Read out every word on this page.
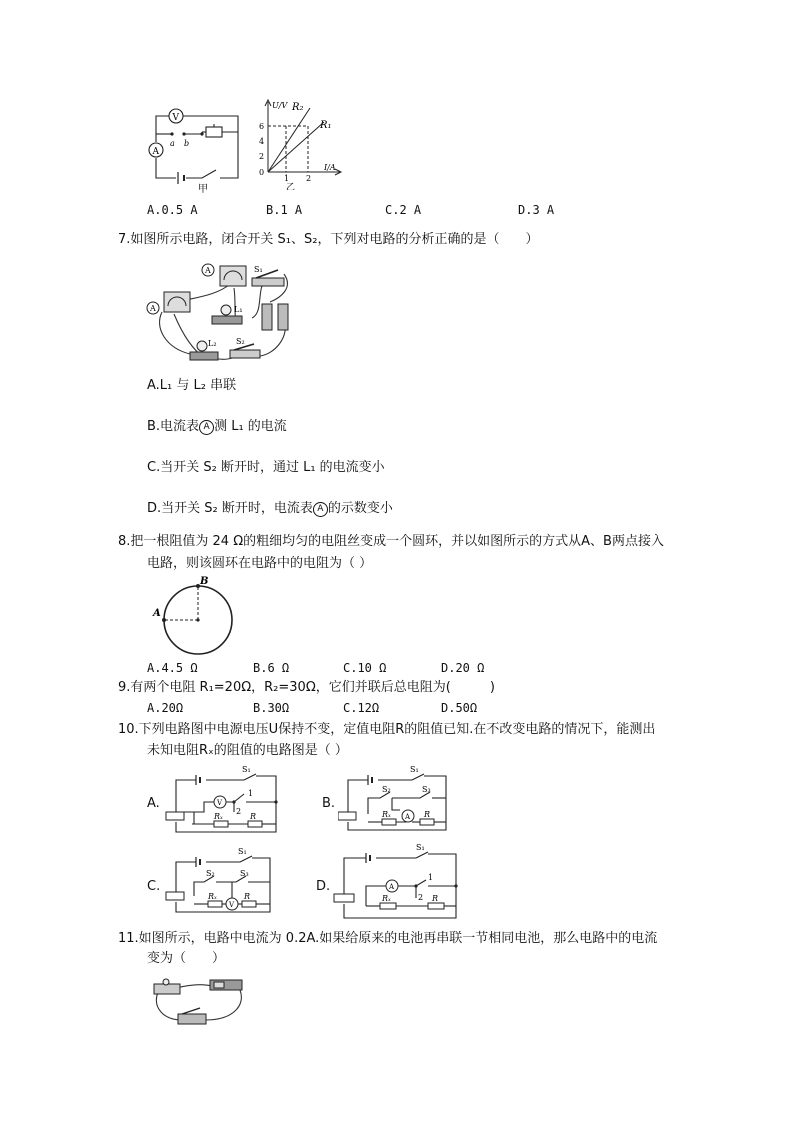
V
A
a b
甲
U/V
I/A
R₂
R₁
6
4
2
0
1 2
乙
A.0.5 A	B.1 A	C.2 A	D.3 A
7.如图所示电路，闭合开关 S₁、S₂，下列对电路的分析正确的是（　　）
A
A
S₁
L₁
L₂ S₂
A.L₁ 与 L₂ 串联
B.电流表 A 测 L₁ 的电流
C.当开关 S₂ 断开时，通过 L₁ 的电流变小
D.当开关 S₂ 断开时，电流表 A 的示数变小
8.把一根阻值为 24 Ω的粗细均匀的电阻丝变成一个圆环，并以如图所示的方式从A、B两点接入
电路，则该圆环在电路中的电阻为（ ）
A
B
A.4.5 Ω	B.6 Ω	C.10 Ω	D.20 Ω
9.有两个电阻 R₁=20Ω，R₂=30Ω，它们并联后总电阻为(　　　)
A.20Ω	B.30Ω	C.12Ω	D.50Ω
10.下列电路图中电源电压U保持不变，定值电阻R的阻值已知.在不改变电路的情况下，能测出
未知电阻Rₓ的阻值的电路图是（ ）
A.
S₁
V
1
2
Rₓ	R
B.
S₁
S₂	S₃
A
Rₓ	R
C.
S₁
S₂	S₃
V
Rₓ	R
D.
S₁
A
1
2
Rₓ	R
11.如图所示，电路中电流为 0.2A.如果给原来的电池再串联一节相同电池，那么电路中的电流
变为（　　）
